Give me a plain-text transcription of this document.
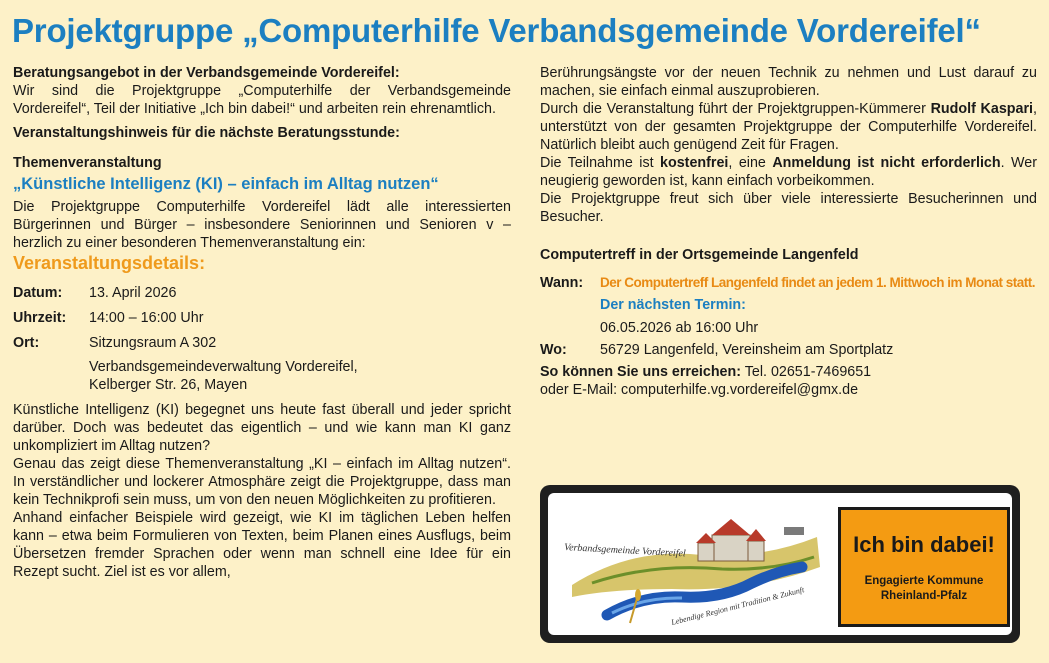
Projektgruppe „Computerhilfe Verbandsgemeinde Vordereifel“
Beratungsangebot in der Verbandsgemeinde Vordereifel:
Wir sind die Projektgruppe „Computerhilfe der Verbandsgemeinde Vordereifel“, Teil der Initiative „Ich bin dabei!“ und arbeiten rein ehrenamtlich.
Veranstaltungshinweis für die nächste Beratungsstunde:
Themenveranstaltung
„Künstliche Intelligenz (KI) – einfach im Alltag nutzen“
Die Projektgruppe Computerhilfe Vordereifel lädt alle interessierten Bürgerinnen und Bürger – insbesondere Seniorinnen und Senioren v – herzlich zu einer besonderen Themenveranstaltung ein:
Veranstaltungsdetails:
Datum:	13. April 2026
Uhrzeit:	14:00 – 16:00 Uhr
Ort:	Sitzungsraum A 302
Verbandsgemeindeverwaltung Vordereifel,
Kelberger Str. 26, Mayen
Künstliche Intelligenz (KI) begegnet uns heute fast überall und jeder spricht darüber. Doch was bedeutet das eigentlich – und wie kann man KI ganz unkompliziert im Alltag nutzen?
Genau das zeigt diese Themenveranstaltung „KI – einfach im Alltag nutzen“. In verständlicher und lockerer Atmosphäre zeigt die Projektgruppe, dass man kein Technikprofi sein muss, um von den neuen Möglichkeiten zu profitieren.
Anhand einfacher Beispiele wird gezeigt, wie KI im täglichen Leben helfen kann – etwa beim Formulieren von Texten, beim Planen eines Ausflugs, beim Übersetzen fremder Sprachen oder wenn man schnell eine Idee für ein Rezept sucht. Ziel ist es vor allem,
Berührungsängste vor der neuen Technik zu nehmen und Lust darauf zu machen, sie einfach einmal auszuprobieren.
Durch die Veranstaltung führt der Projektgruppen-Kümmerer Rudolf Kaspari, unterstützt von der gesamten Projektgruppe der Computerhilfe Vordereifel. Natürlich bleibt auch genügend Zeit für Fragen.
Die Teilnahme ist kostenfrei, eine Anmeldung ist nicht erforderlich. Wer neugierig geworden ist, kann einfach vorbeikommen.
Die Projektgruppe freut sich über viele interessierte Besucherinnen und Besucher.
Computertreff in der Ortsgemeinde Langenfeld
Wann:	Der Computertreff Langenfeld findet an jedem 1. Mittwoch im Monat statt.
Der nächsten Termin:
06.05.2026 ab 16:00 Uhr
Wo:	56729 Langenfeld, Vereinsheim am Sportplatz
So können Sie uns erreichen: Tel. 02651-7469651
oder E-Mail: computerhilfe.vg.vordereifel@gmx.de
Verbandsgemeinde Vordereifel
Lebendige Region mit Tradition & Zukunft
Ich bin dabei!
Engagierte Kommune
Rheinland-Pfalz
